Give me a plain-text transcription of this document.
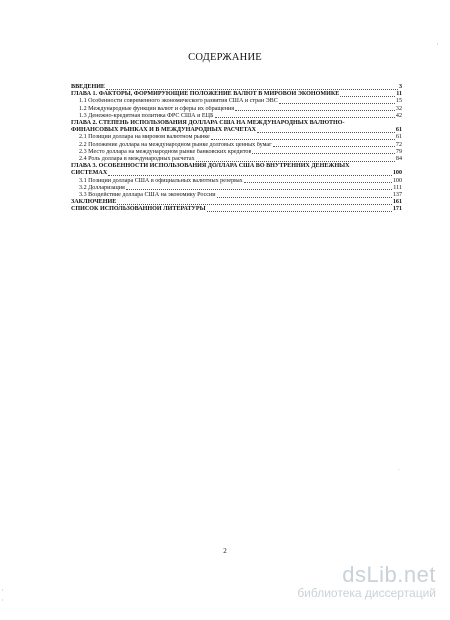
СОДЕРЖАНИЕ
ВВЕДЕНИЕ	3
ГЛАВА 1. ФАКТОРЫ, ФОРМИРУЮЩИЕ ПОЛОЖЕНИЕ ВАЛЮТ В МИРОВОЙ ЭКОНОМИКЕ	11
1.1 Особенности современного экономического развития США и стран ЭВС	15
1.2 Международные функции валют и сферы их обращения	32
1.3 Денежно-кредитная политика ФРС США и ЕЦБ	42
ГЛАВА 2. СТЕПЕНЬ ИСПОЛЬЗОВАНИЯ ДОЛЛАРА США НА МЕЖДУНАРОДНЫХ ВАЛЮТНО-
ФИНАНСОВЫХ РЫНКАХ И В МЕЖДУНАРОДНЫХ РАСЧЕТАХ	61
2.1 Позиции доллара на мировом валютном рынке	61
2.2 Положение доллара на международном рынке долговых ценных бумаг	72
2.3 Место доллара на международном рынке банковских кредитов	79
2.4 Роль доллара в международных расчетах	84
ГЛАВА 3. ОСОБЕННОСТИ ИСПОЛЬЗОВАНИЯ ДОЛЛАРА США ВО ВНУТРЕННИХ ДЕНЕЖНЫХ
СИСТЕМАХ	100
3.1 Позиции доллара США в официальных валютных резервах	100
3.2 Долларизация	111
3.3 Воздействие доллара США на экономику России	137
ЗАКЛЮЧЕНИЕ	161
СПИСОК ИСПОЛЬЗОВАННОЙ ЛИТЕРАТУРЫ	171
2
'
·
'
'
dsLib.net
библиотека диссертаций
